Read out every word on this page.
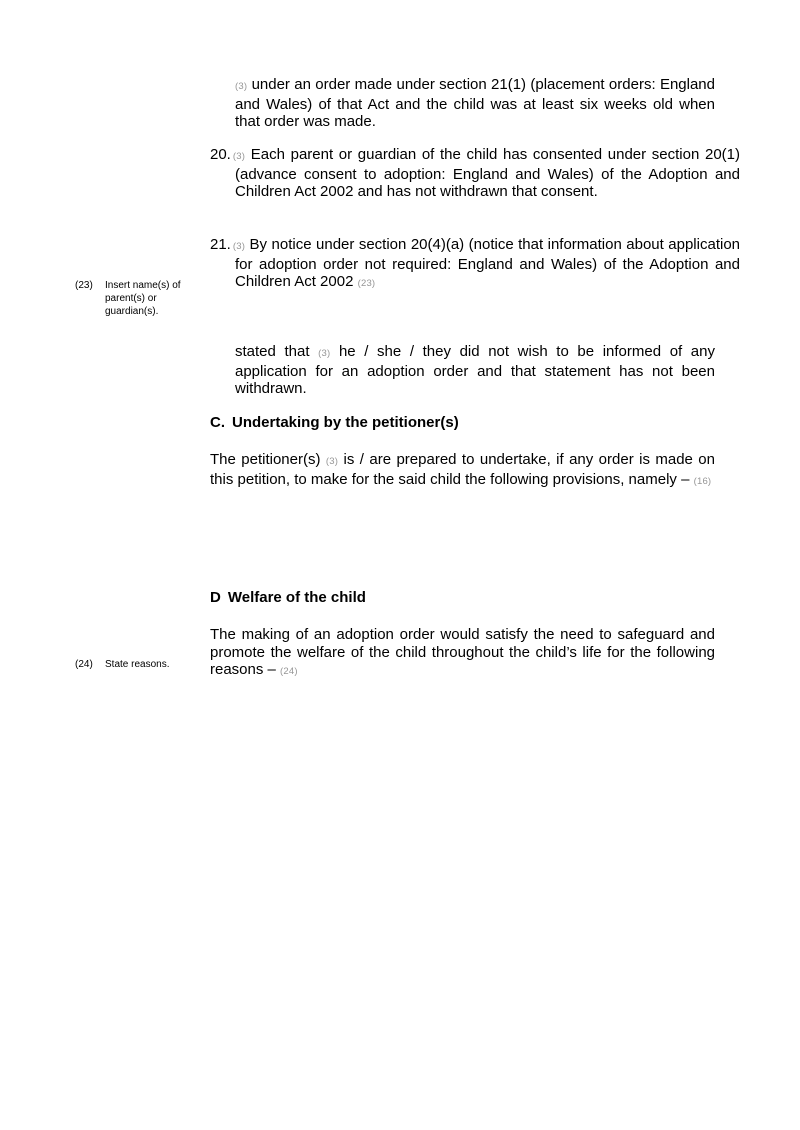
(23)	Insert name(s) of
parent(s) or
guardian(s).
(24)	State reasons.

(3) under an order made under section 21(1) (placement orders: England and Wales) of that Act and the child was at least six weeks old when that order was made.

20. (3) Each parent or guardian of the child has consented under section 20(1) (advance consent to adoption: England and Wales) of the Adoption and Children Act 2002 and has not withdrawn that consent.

21. (3) By notice under section 20(4)(a) (notice that information about application for adoption order not required: England and Wales) of the Adoption and Children Act 2002 (23)

stated that (3) he / she / they did not wish to be informed of any application for an adoption order and that statement has not been withdrawn.

C. Undertaking by the petitioner(s)

The petitioner(s) (3) is / are prepared to undertake, if any order is made on this petition, to make for the said child the following provisions, namely – (16)

D Welfare of the child

The making of an adoption order would satisfy the need to safeguard and promote the welfare of the child throughout the child’s life for the following reasons – (24)
